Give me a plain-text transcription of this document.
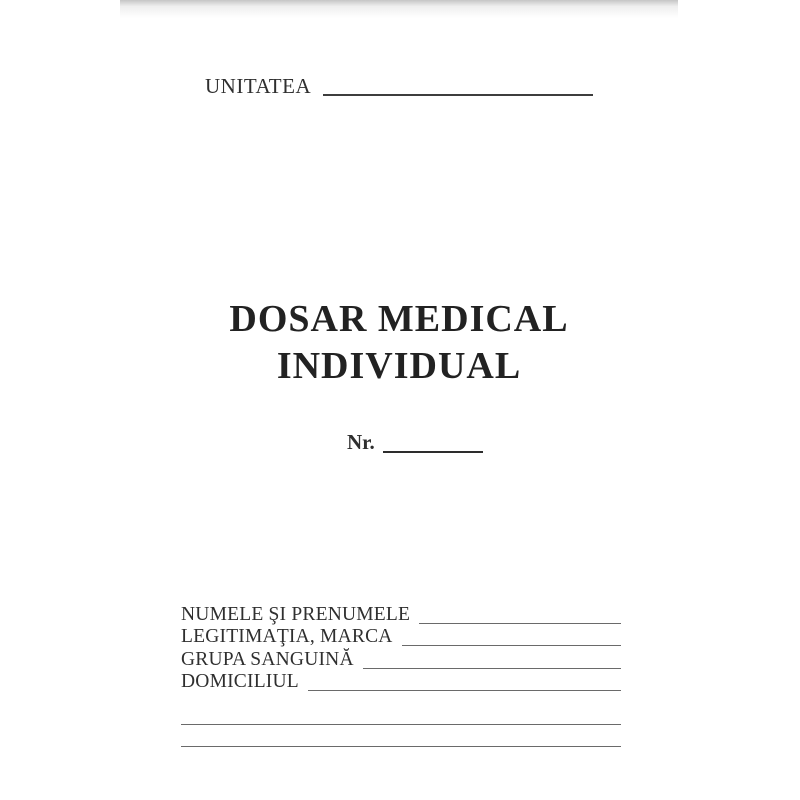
UNITATEA
DOSAR MEDICAL
INDIVIDUAL
Nr.
NUMELE ŞI PRENUMELE
LEGITIMAŢIA, MARCA
GRUPA SANGUINĂ
DOMICILIUL
